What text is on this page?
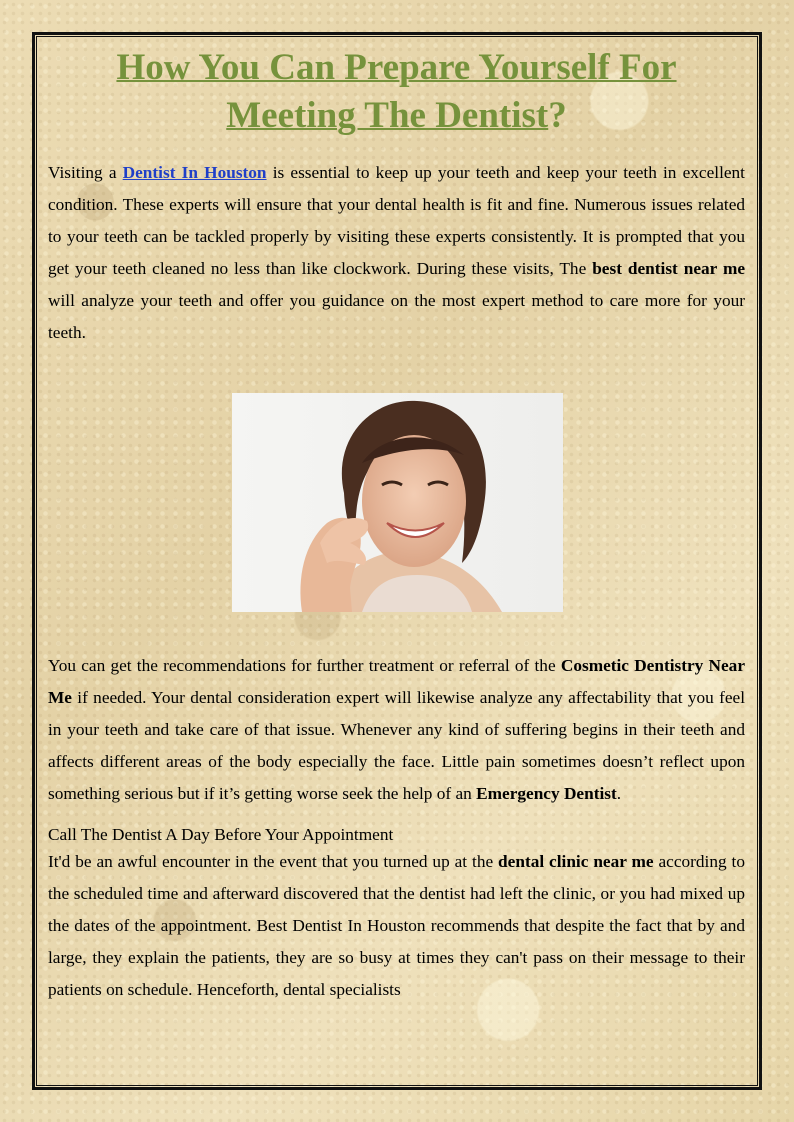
How You Can Prepare Yourself For
Meeting The Dentist?

Visiting a Dentist In Houston is essential to keep up your teeth and keep your teeth in excellent condition. These experts will ensure that your dental health is fit and fine. Numerous issues related to your teeth can be tackled properly by visiting these experts consistently. It is prompted that you get your teeth cleaned no less than like clockwork. During these visits, The best dentist near me will analyze your teeth and offer you guidance on the most expert method to care more for your teeth.

You can get the recommendations for further treatment or referral of the Cosmetic Dentistry Near Me if needed. Your dental consideration expert will likewise analyze any affectability that you feel in your teeth and take care of that issue. Whenever any kind of suffering begins in their teeth and affects different areas of the body especially the face. Little pain sometimes doesn’t reflect upon something serious but if it’s getting worse seek the help of an Emergency Dentist.

Call The Dentist A Day Before Your Appointment

It'd be an awful encounter in the event that you turned up at the dental clinic near me according to the scheduled time and afterward discovered that the dentist had left the clinic, or you had mixed up the dates of the appointment. Best Dentist In Houston recommends that despite the fact that by and large, they explain the patients, they are so busy at times they can't pass on their message to their patients on schedule. Henceforth, dental specialists
